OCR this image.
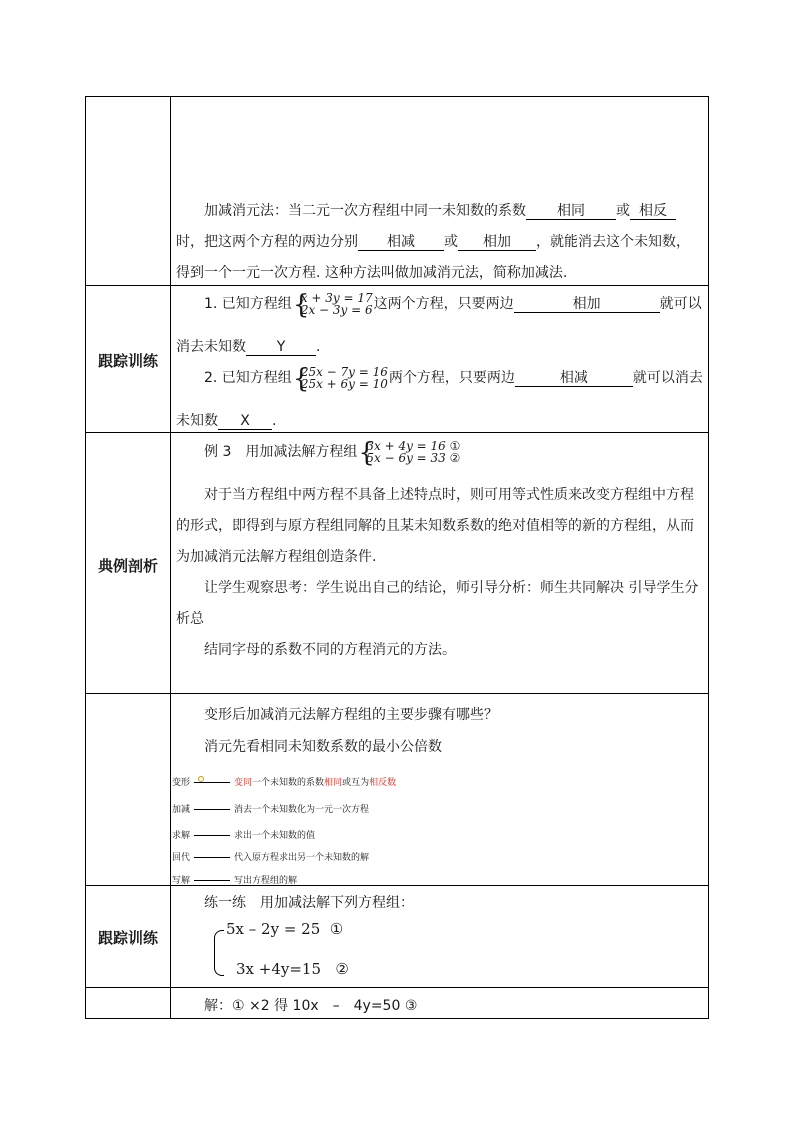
加减消元法：当二元一次方程组中同一未知数的系数 相同 或 相反
时，把这两个方程的两边分别 相减 或 相加 ，就能消去这个未知数，
得到一个一元一次方程. 这种方法叫做加减消元法，简称加减法.
跟踪训练
1. 已知方程组 {
x + 3y = 17
2x − 3y = 6 这两个方程，只要两边	相加	就可以
消去未知数 Y .
2. 已知方程组 {
25x − 7y = 16
25x + 6y = 10 两个方程，只要两边	相减	就可以消去
未知数 X .
典例剖析
例 3　用加减法解方程组 {
3x + 4y = 16 ①
5x − 6y = 33 ②
对于当方程组中两方程不具备上述特点时，则可用等式性质来改变方程组中方程
的形式，即得到与原方程组同解的且某未知数系数的绝对值相等的新的方程组，从而
为加减消元法解方程组创造条件.
让学生观察思考：学生说出自己的结论，师引导分析：师生共同解决 引导学生分
析总
结同字母的系数不同的方程消元的方法。
变形后加减消元法解方程组的主要步骤有哪些？
消元先看相同未知数系数的最小公倍数
变形	变同一个未知数的系数相同或互为相反数
加减	消去一个未知数化为一元一次方程
求解	求出一个未知数的值
回代	代入原方程求出另一个未知数的解
写解	写出方程组的解
跟踪训练
练一练　用加减法解下列方程组：
5x – 2y = 25 ①
3x +4y=15 ②
解：① ×2 得 10x　–　4y=50 ③
